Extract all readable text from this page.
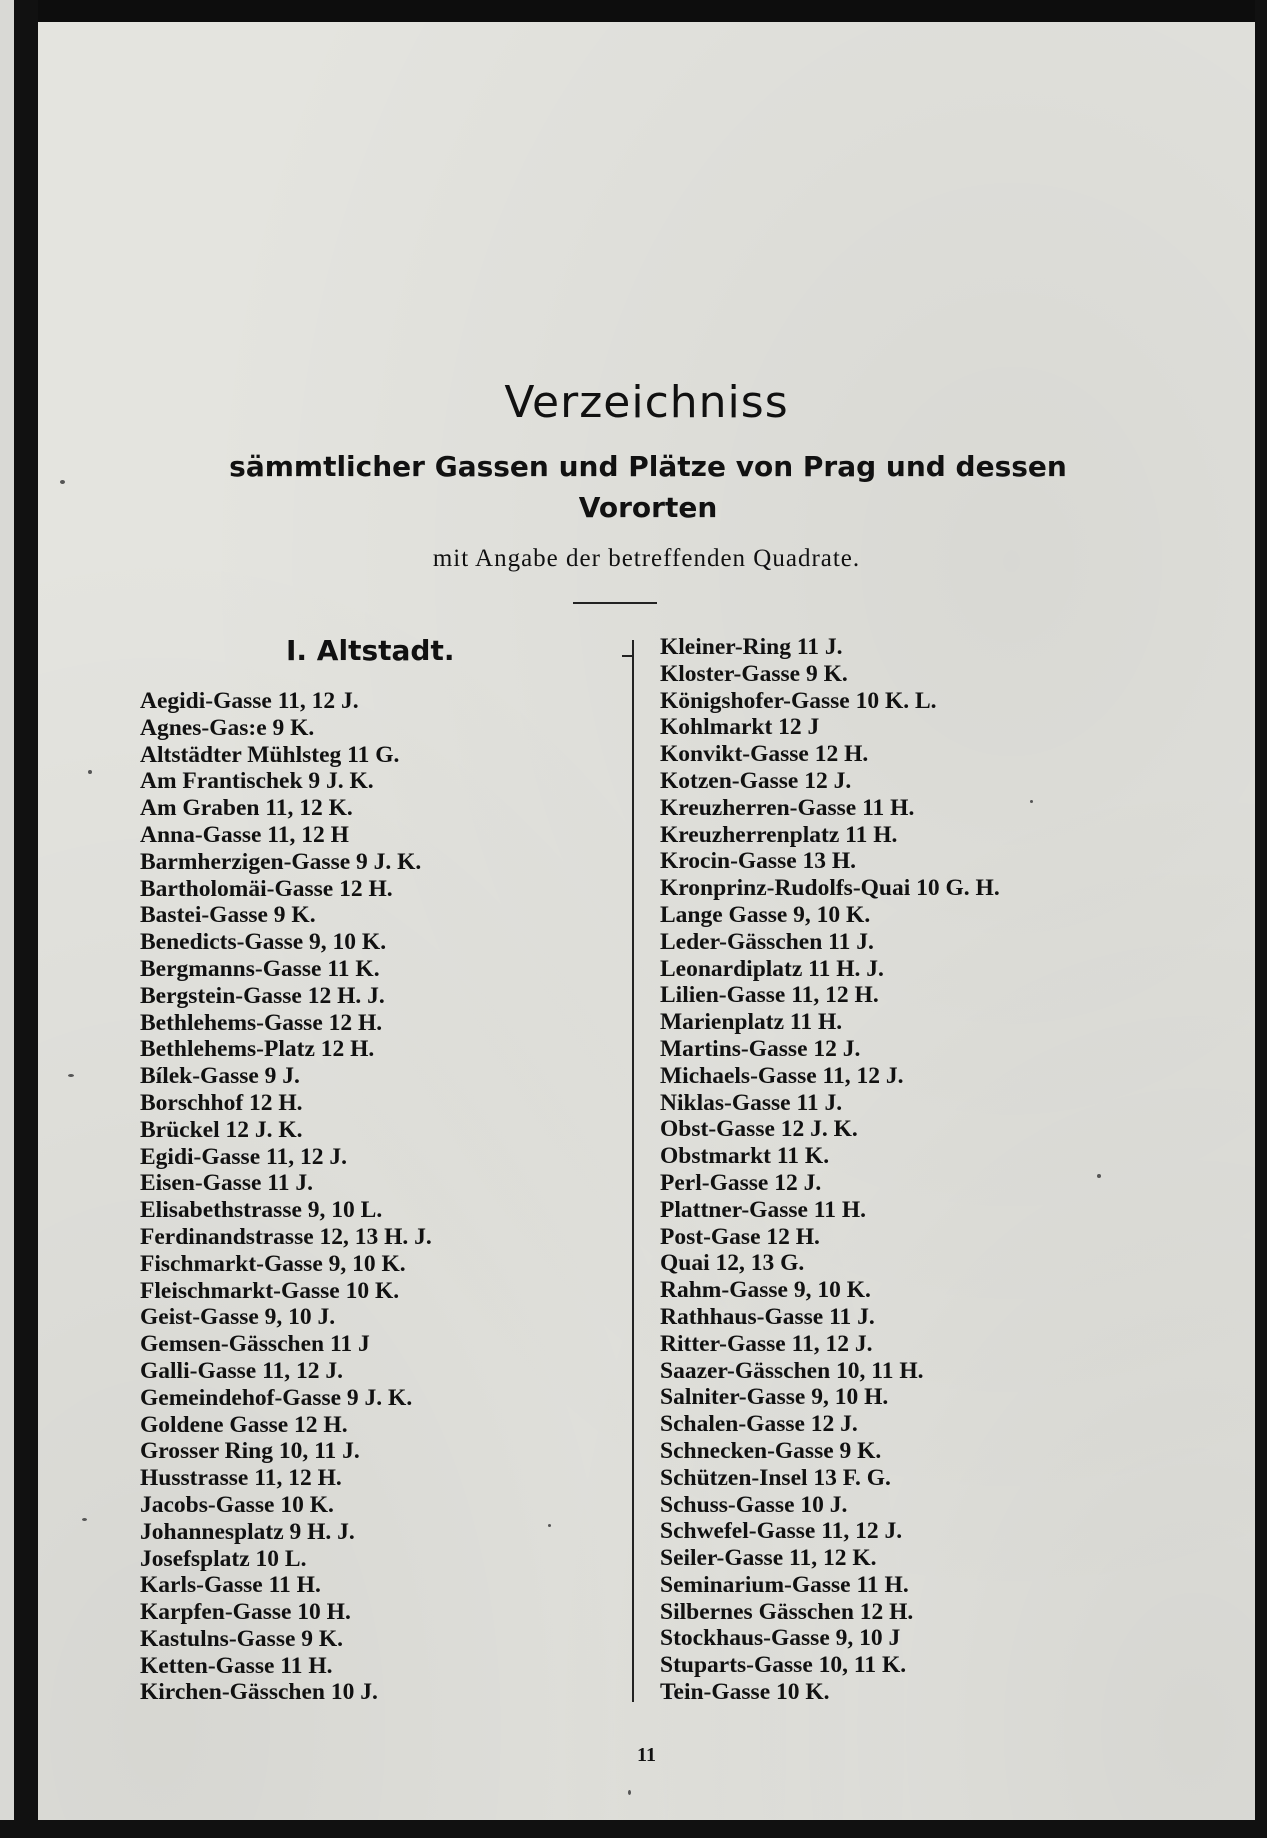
Verzeichniss

sämmtlicher Gassen und Plätze von Prag und dessen Vororten

mit Angabe der betreffenden Quadrate.

I. Altstadt.
Aegidi-Gasse 11, 12 J.
Agnes-Gas:e 9 K.
Altstädter Mühlsteg 11 G.
Am Frantischek 9 J. K.
Am Graben 11, 12 K.
Anna-Gasse 11, 12 H
Barmherzigen-Gasse 9 J. K.
Bartholomäi-Gasse 12 H.
Bastei-Gasse 9 K.
Benedicts-Gasse 9, 10 K.
Bergmanns-Gasse 11 K.
Bergstein-Gasse 12 H. J.
Bethlehems-Gasse 12 H.
Bethlehems-Platz 12 H.
Bílek-Gasse 9 J.
Borschhof 12 H.
Brückel 12 J. K.
Egidi-Gasse 11, 12 J.
Eisen-Gasse 11 J.
Elisabethstrasse 9, 10 L.
Ferdinandstrasse 12, 13 H. J.
Fischmarkt-Gasse 9, 10 K.
Fleischmarkt-Gasse 10 K.
Geist-Gasse 9, 10 J.
Gemsen-Gässchen 11 J
Galli-Gasse 11, 12 J.
Gemeindehof-Gasse 9 J. K.
Goldene Gasse 12 H.
Grosser Ring 10, 11 J.
Husstrasse 11, 12 H.
Jacobs-Gasse 10 K.
Johannesplatz 9 H. J.
Josefsplatz 10 L.
Karls-Gasse 11 H.
Karpfen-Gasse 10 H.
Kastulns-Gasse 9 K.
Ketten-Gasse 11 H.
Kirchen-Gässchen 10 J.
Kleiner-Ring 11 J.
Kloster-Gasse 9 K.
Königshofer-Gasse 10 K. L.
Kohlmarkt 12 J
Konvikt-Gasse 12 H.
Kotzen-Gasse 12 J.
Kreuzherren-Gasse 11 H.
Kreuzherrenplatz 11 H.
Krocin-Gasse 13 H.
Kronprinz-Rudolfs-Quai 10 G. H.
Lange Gasse 9, 10 K.
Leder-Gässchen 11 J.
Leonardiplatz 11 H. J.
Lilien-Gasse 11, 12 H.
Marienplatz 11 H.
Martins-Gasse 12 J.
Michaels-Gasse 11, 12 J.
Niklas-Gasse 11 J.
Obst-Gasse 12 J. K.
Obstmarkt 11 K.
Perl-Gasse 12 J.
Plattner-Gasse 11 H.
Post-Gase 12 H.
Quai 12, 13 G.
Rahm-Gasse 9, 10 K.
Rathhaus-Gasse 11 J.
Ritter-Gasse 11, 12 J.
Saazer-Gässchen 10, 11 H.
Salniter-Gasse 9, 10 H.
Schalen-Gasse 12 J.
Schnecken-Gasse 9 K.
Schützen-Insel 13 F. G.
Schuss-Gasse 10 J.
Schwefel-Gasse 11, 12 J.
Seiler-Gasse 11, 12 K.
Seminarium-Gasse 11 H.
Silbernes Gässchen 12 H.
Stockhaus-Gasse 9, 10 J
Stuparts-Gasse 10, 11 K.
Tein-Gasse 10 K.

11
